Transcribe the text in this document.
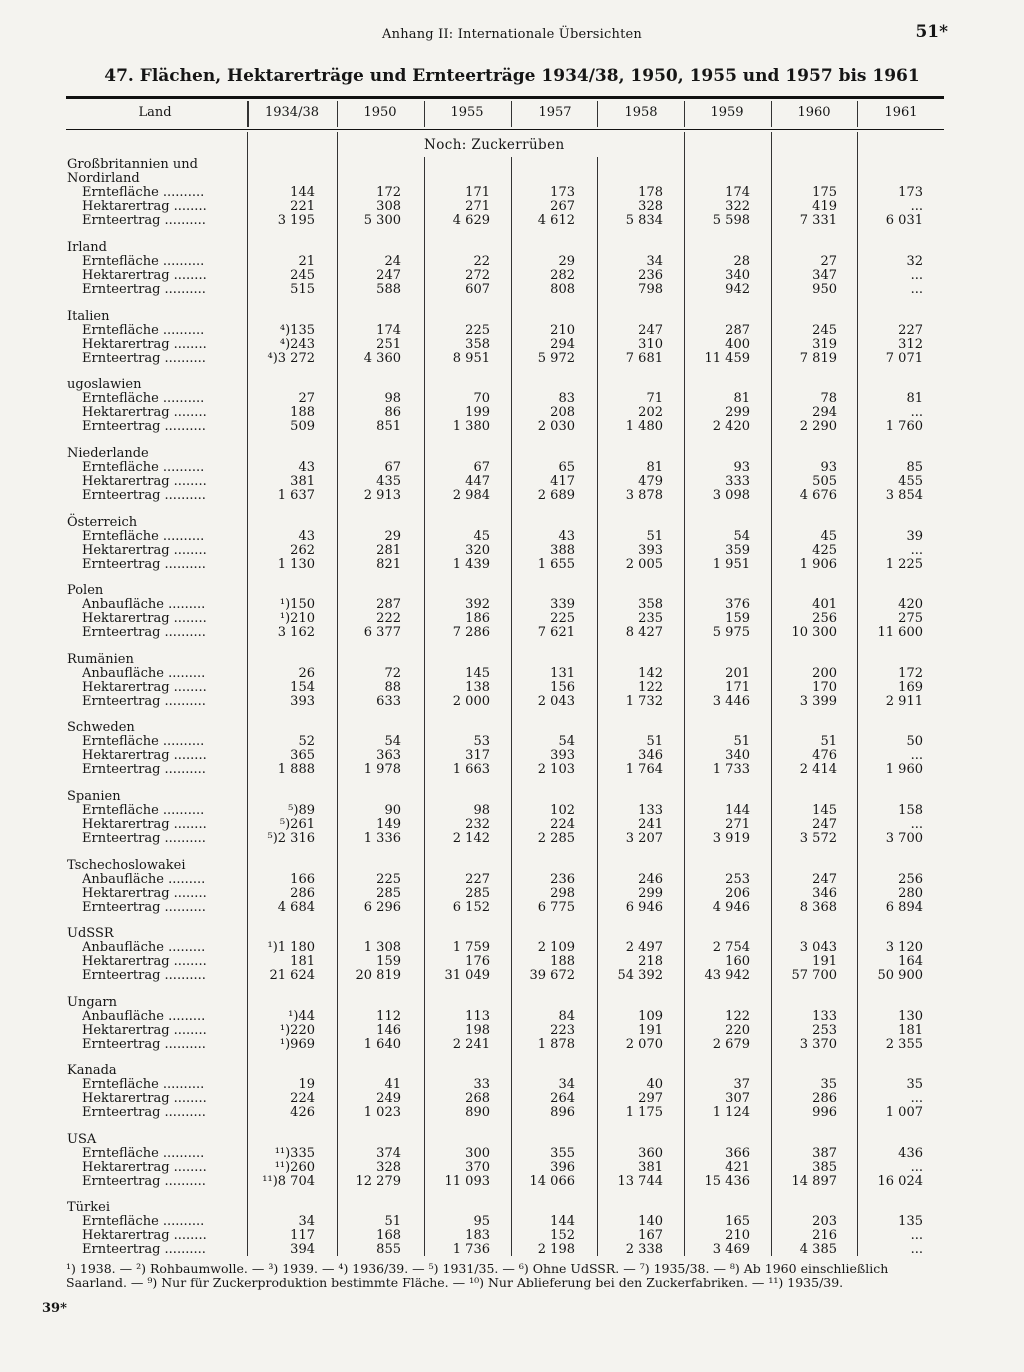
Anhang II: Internationale Übersichten	51*
47. Flächen, Hektarerträge und Ernteerträge 1934/38, 1950, 1955 und 1957 bis 1961
Land	1934/38	1950	1955	1957	1958	1959	1960	1961
Noch: Zuckerrüben
Großbritannien und
Nordirland
Erntefläche ..........	144	172	171	173	178	174	175	173
Hektarertrag ........	221	308	271	267	328	322	419	...
Ernteertrag ..........	3 195	5 300	4 629	4 612	5 834	5 598	7 331	6 031
Irland
Erntefläche ..........	21	24	22	29	34	28	27	32
Hektarertrag ........	245	247	272	282	236	340	347	...
Ernteertrag ..........	515	588	607	808	798	942	950	...
Italien
Erntefläche ..........	⁴)135	174	225	210	247	287	245	227
Hektarertrag ........	⁴)243	251	358	294	310	400	319	312
Ernteertrag ..........	⁴)3 272	4 360	8 951	5 972	7 681	11 459	7 819	7 071
ugoslawien
Erntefläche ..........	27	98	70	83	71	81	78	81
Hektarertrag ........	188	86	199	208	202	299	294	...
Ernteertrag ..........	509	851	1 380	2 030	1 480	2 420	2 290	1 760
Niederlande
Erntefläche ..........	43	67	67	65	81	93	93	85
Hektarertrag ........	381	435	447	417	479	333	505	455
Ernteertrag ..........	1 637	2 913	2 984	2 689	3 878	3 098	4 676	3 854
Österreich
Erntefläche ..........	43	29	45	43	51	54	45	39
Hektarertrag ........	262	281	320	388	393	359	425	...
Ernteertrag ..........	1 130	821	1 439	1 655	2 005	1 951	1 906	1 225
Polen
Anbaufläche .........	¹)150	287	392	339	358	376	401	420
Hektarertrag ........	¹)210	222	186	225	235	159	256	275
Ernteertrag ..........	3 162	6 377	7 286	7 621	8 427	5 975	10 300	11 600
Rumänien
Anbaufläche .........	26	72	145	131	142	201	200	172
Hektarertrag ........	154	88	138	156	122	171	170	169
Ernteertrag ..........	393	633	2 000	2 043	1 732	3 446	3 399	2 911
Schweden
Erntefläche ..........	52	54	53	54	51	51	51	50
Hektarertrag ........	365	363	317	393	346	340	476	...
Ernteertrag ..........	1 888	1 978	1 663	2 103	1 764	1 733	2 414	1 960
Spanien
Erntefläche ..........	⁵)89	90	98	102	133	144	145	158
Hektarertrag ........	⁵)261	149	232	224	241	271	247	...
Ernteertrag ..........	⁵)2 316	1 336	2 142	2 285	3 207	3 919	3 572	3 700
Tschechoslowakei
Anbaufläche .........	166	225	227	236	246	253	247	256
Hektarertrag ........	286	285	285	298	299	206	346	280
Ernteertrag ..........	4 684	6 296	6 152	6 775	6 946	4 946	8 368	6 894
UdSSR
Anbaufläche .........	¹)1 180	1 308	1 759	2 109	2 497	2 754	3 043	3 120
Hektarertrag ........	181	159	176	188	218	160	191	164
Ernteertrag ..........	21 624	20 819	31 049	39 672	54 392	43 942	57 700	50 900
Ungarn
Anbaufläche .........	¹)44	112	113	84	109	122	133	130
Hektarertrag ........	¹)220	146	198	223	191	220	253	181
Ernteertrag ..........	¹)969	1 640	2 241	1 878	2 070	2 679	3 370	2 355
Kanada
Erntefläche ..........	19	41	33	34	40	37	35	35
Hektarertrag ........	224	249	268	264	297	307	286	...
Ernteertrag ..........	426	1 023	890	896	1 175	1 124	996	1 007
USA
Erntefläche ..........	¹¹)335	374	300	355	360	366	387	436
Hektarertrag ........	¹¹)260	328	370	396	381	421	385	...
Ernteertrag ..........	¹¹)8 704	12 279	11 093	14 066	13 744	15 436	14 897	16 024
Türkei
Erntefläche ..........	34	51	95	144	140	165	203	135
Hektarertrag ........	117	168	183	152	167	210	216	...
Ernteertrag ..........	394	855	1 736	2 198	2 338	3 469	4 385	...
¹) 1938. — ²) Rohbaumwolle. — ³) 1939. — ⁴) 1936/39. — ⁵) 1931/35. — ⁶) Ohne UdSSR. — ⁷) 1935/38. — ⁸) Ab 1960 einschließlich
Saarland. — ⁹) Nur für Zuckerproduktion bestimmte Fläche. — ¹⁰) Nur Ablieferung bei den Zuckerfabriken. — ¹¹) 1935/39.
39*
